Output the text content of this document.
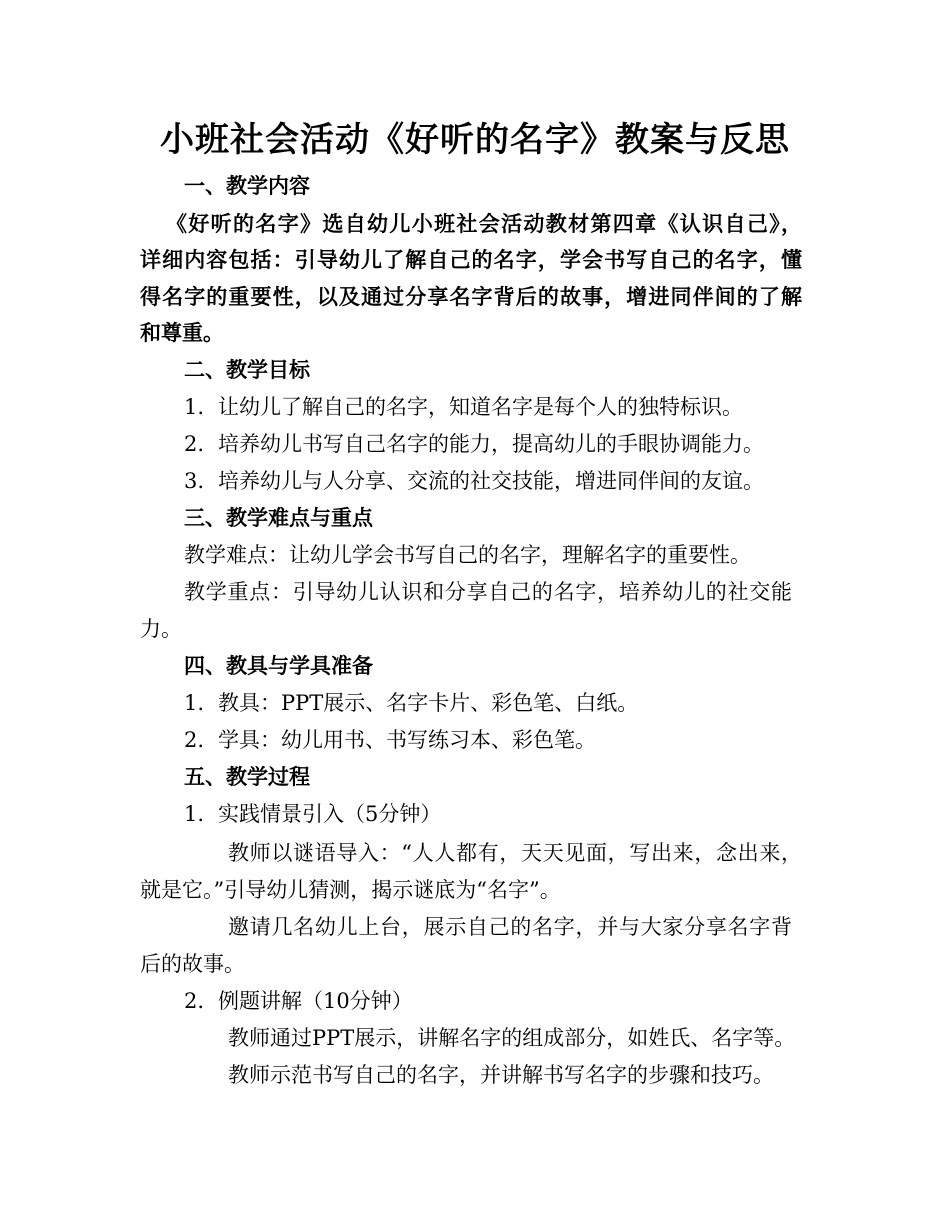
小班社会活动《好听的名字》教案与反思
一、教学内容
《好听的名字》选自幼儿小班社会活动教材第四章《认识自己》，
详细内容包括：引导幼儿了解自己的名字，学会书写自己的名字，懂
得名字的重要性，以及通过分享名字背后的故事，增进同伴间的了解
和尊重。
二、教学目标
1. 让幼儿了解自己的名字，知道名字是每个人的独特标识。
2. 培养幼儿书写自己名字的能力，提高幼儿的手眼协调能力。
3. 培养幼儿与人分享、交流的社交技能，增进同伴间的友谊。
三、教学难点与重点
教学难点：让幼儿学会书写自己的名字，理解名字的重要性。
教学重点：引导幼儿认识和分享自己的名字，培养幼儿的社交能
力。
四、教具与学具准备
1. 教具：PPT展示、名字卡片、彩色笔、白纸。
2. 学具：幼儿用书、书写练习本、彩色笔。
五、教学过程
1. 实践情景引入（5分钟）
教师以谜语导入：“人人都有，天天见面，写出来，念出来，
就是它。”引导幼儿猜测，揭示谜底为“名字”。
邀请几名幼儿上台，展示自己的名字，并与大家分享名字背
后的故事。
2. 例题讲解（10分钟）
教师通过PPT展示，讲解名字的组成部分，如姓氏、名字等。
教师示范书写自己的名字，并讲解书写名字的步骤和技巧。
